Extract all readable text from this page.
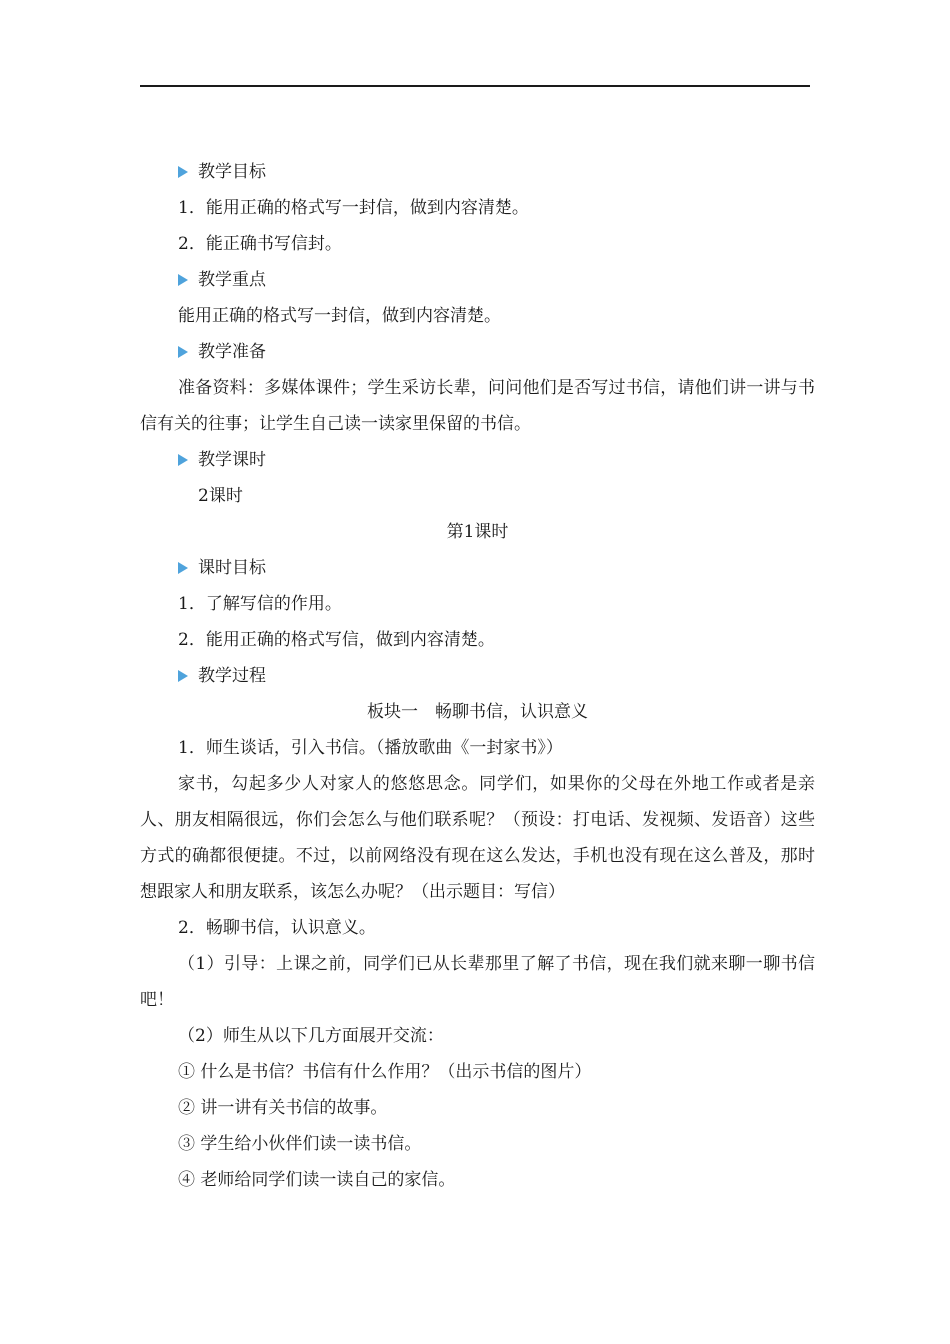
教学目标
1．能用正确的格式写一封信，做到内容清楚。
2．能正确书写信封。
教学重点
能用正确的格式写一封信，做到内容清楚。
教学准备
准备资料：多媒体课件；学生采访长辈，问问他们是否写过书信，请他们讲一讲与书信有关的往事；让学生自己读一读家里保留的书信。
教学课时
2课时
第1课时
课时目标
1．了解写信的作用。
2．能用正确的格式写信，做到内容清楚。
教学过程
板块一　畅聊书信，认识意义
1．师生谈话，引入书信。（播放歌曲《一封家书》）
家书，勾起多少人对家人的悠悠思念。同学们，如果你的父母在外地工作或者是亲人、朋友相隔很远，你们会怎么与他们联系呢？（预设：打电话、发视频、发语音）这些方式的确都很便捷。不过，以前网络没有现在这么发达，手机也没有现在这么普及，那时想跟家人和朋友联系，该怎么办呢？（出示题目：写信）
2．畅聊书信，认识意义。
（1）引导：上课之前，同学们已从长辈那里了解了书信，现在我们就来聊一聊书信吧！
（2）师生从以下几方面展开交流：
① 什么是书信？书信有什么作用？（出示书信的图片）
② 讲一讲有关书信的故事。
③ 学生给小伙伴们读一读书信。
④ 老师给同学们读一读自己的家信。
